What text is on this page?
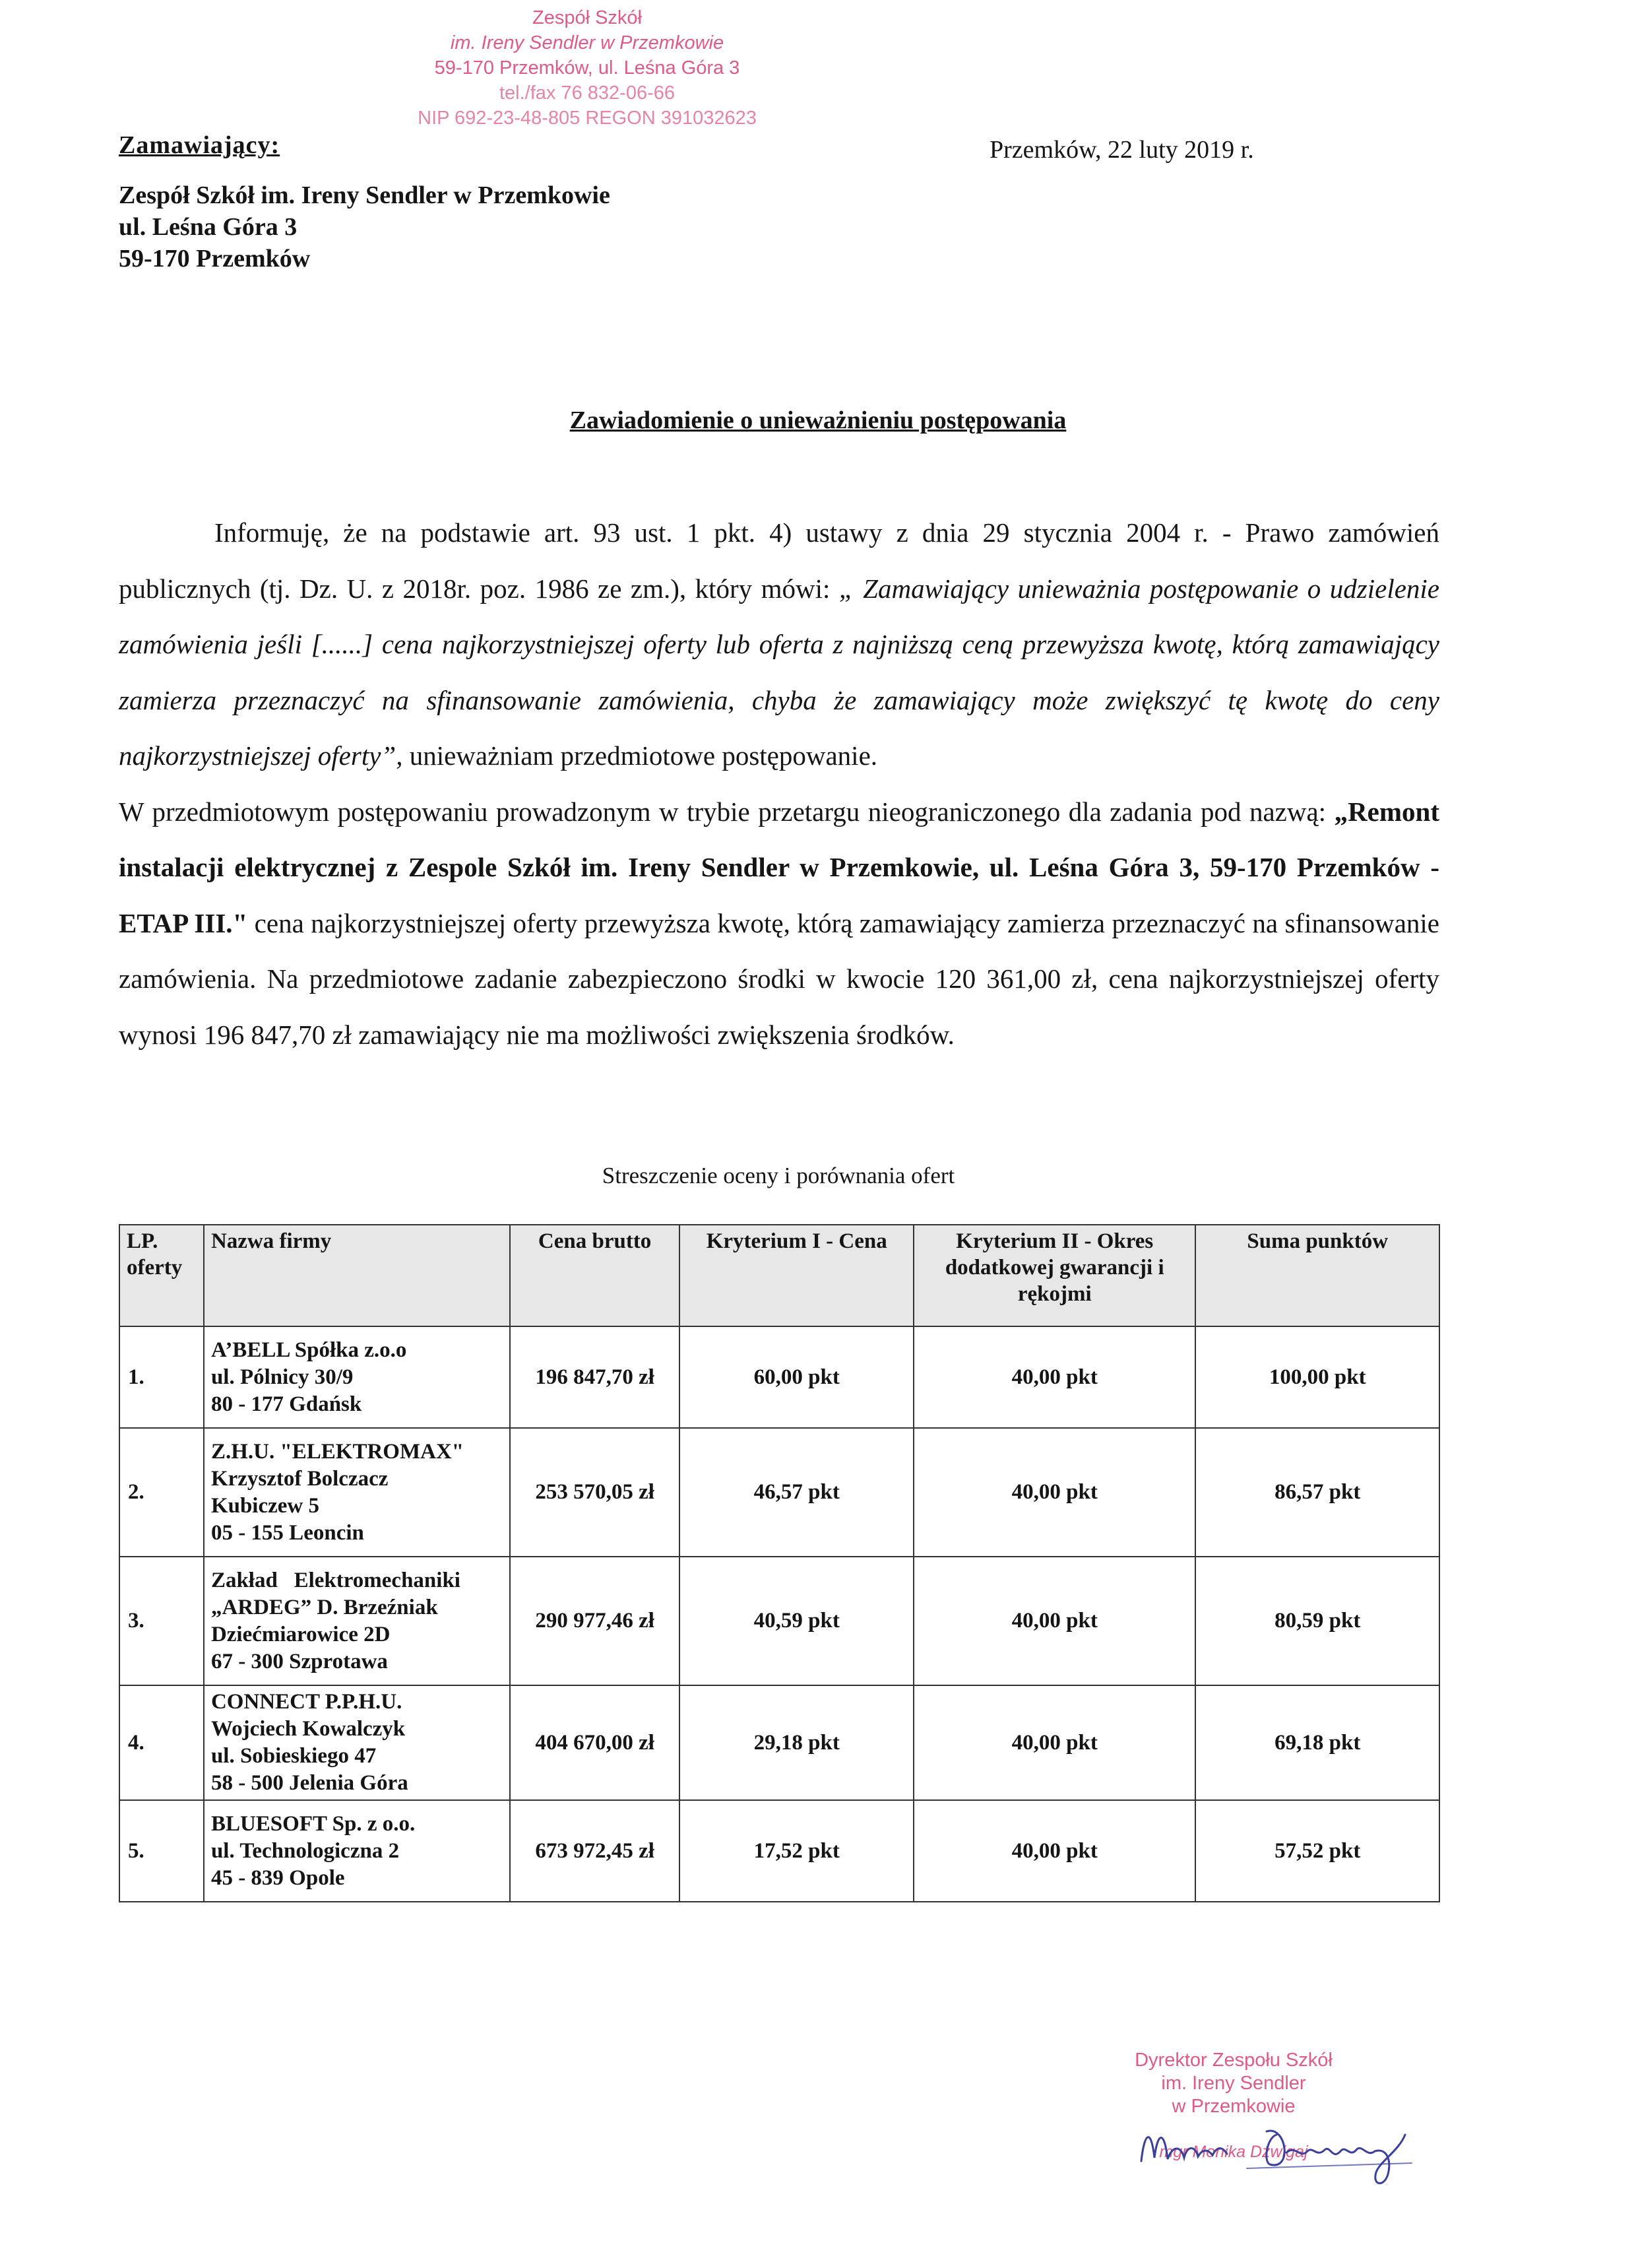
Zespół Szkół
im. Ireny Sendler w Przemkowie
59-170 Przemków, ul. Leśna Góra 3
tel./fax 76 832-06-66
NIP 692-23-48-805 REGON 391032623
Zamawiający:	Przemków, 22 luty 2019 r.
Zespół Szkół im. Ireny Sendler w Przemkowie
ul. Leśna Góra 3
59-170 Przemków
Zawiadomienie o unieważnieniu postępowania

Informuję, że na podstawie art. 93 ust. 1 pkt. 4) ustawy z dnia 29 stycznia 2004 r. - Prawo zamówień publicznych (tj. Dz. U. z 2018r. poz. 1986 ze zm.), który mówi: „ Zamawiający unieważnia postępowanie o udzielenie zamówienia jeśli [......] cena najkorzystniejszej oferty lub oferta z najniższą ceną przewyższa kwotę, którą zamawiający zamierza przeznaczyć na sfinansowanie zamówienia, chyba że zamawiający może zwiększyć tę kwotę do ceny najkorzystniejszej oferty”, unieważniam przedmiotowe postępowanie.

W przedmiotowym postępowaniu prowadzonym w trybie przetargu nieograniczonego dla zadania pod nazwą: „Remont instalacji elektrycznej z Zespole Szkół im. Ireny Sendler w Przemkowie, ul. Leśna Góra 3, 59-170 Przemków - ETAP III." cena najkorzystniejszej oferty przewyższa kwotę, którą zamawiający zamierza przeznaczyć na sfinansowanie zamówienia. Na przedmiotowe zadanie zabezpieczono środki w kwocie 120 361,00 zł, cena najkorzystniejszej oferty wynosi 196 847,70 zł zamawiający nie ma możliwości zwiększenia środków.

Streszczenie oceny i porównania ofert
LP. oferty	Nazwa firmy	Cena brutto	Kryterium I - Cena	Kryterium II - Okres dodatkowej gwarancji i rękojmi	Suma punktów
1.	A’BELL Spółka z.o.o
ul. Pólnicy 30/9
80 - 177 Gdańsk	196 847,70 zł	60,00 pkt	40,00 pkt	100,00 pkt
2.	Z.H.U. "ELEKTROMAX"
Krzysztof Bolczacz
Kubiczew 5
05 - 155 Leoncin	253 570,05 zł	46,57 pkt	40,00 pkt	86,57 pkt
3.	Zakład   Elektromechaniki
„ARDEG” D. Brzeźniak
Dziećmiarowice 2D
67 - 300 Szprotawa	290 977,46 zł	40,59 pkt	40,00 pkt	80,59 pkt
4.	CONNECT P.P.H.U.
Wojciech Kowalczyk
ul. Sobieskiego 47
58 - 500 Jelenia Góra	404 670,00 zł	29,18 pkt	40,00 pkt	69,18 pkt
5.	BLUESOFT Sp. z o.o.
ul. Technologiczna 2
45 - 839 Opole	673 972,45 zł	17,52 pkt	40,00 pkt	57,52 pkt
Dyrektor Zespołu Szkół
im. Ireny Sendler
w Przemkowie
mgr Monika Dźwigaj
